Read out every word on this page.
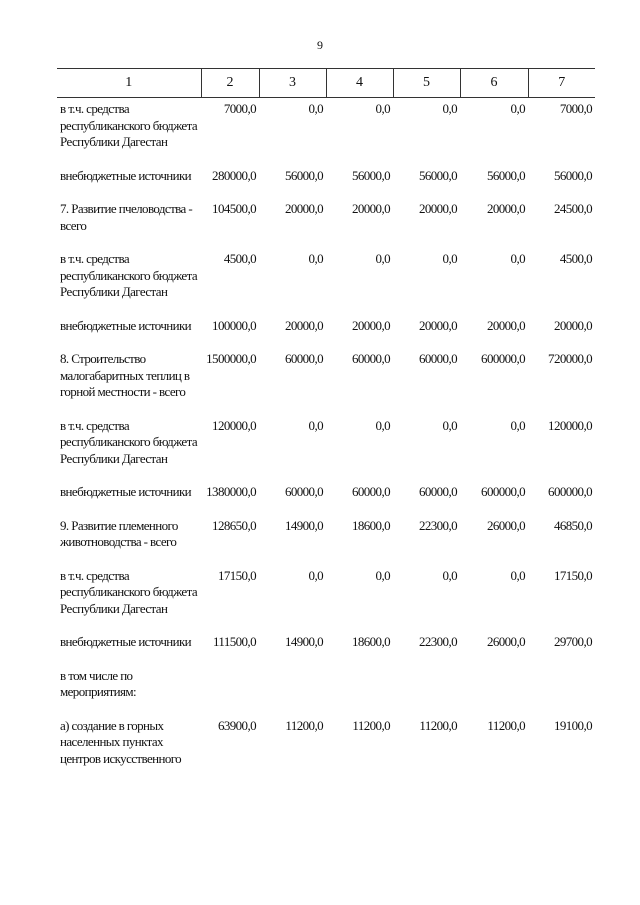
9
1	2	3	4	5	6	7
в т.ч. средства республиканского бюджета Республики Дагестан	7000,0	0,0	0,0	0,0	0,0	7000,0
внебюджетные источники	280000,0	56000,0	56000,0	56000,0	56000,0	56000,0
7. Развитие пчеловодства - всего	104500,0	20000,0	20000,0	20000,0	20000,0	24500,0
в т.ч. средства республиканского бюджета Республики Дагестан	4500,0	0,0	0,0	0,0	0,0	4500,0
внебюджетные источники	100000,0	20000,0	20000,0	20000,0	20000,0	20000,0
8. Строительство малогабаритных теплиц в горной местности - всего	1500000,0	60000,0	60000,0	60000,0	600000,0	720000,0
в т.ч. средства республиканского бюджета Республики Дагестан	120000,0	0,0	0,0	0,0	0,0	120000,0
внебюджетные источники	1380000,0	60000,0	60000,0	60000,0	600000,0	600000,0
9. Развитие племенного животноводства - всего	128650,0	14900,0	18600,0	22300,0	26000,0	46850,0
в т.ч. средства республиканского бюджета Республики Дагестан	17150,0	0,0	0,0	0,0	0,0	17150,0
внебюджетные источники	111500,0	14900,0	18600,0	22300,0	26000,0	29700,0
в том числе по мероприятиям:						
а) создание в горных населенных пунктах центров искусственного	63900,0	11200,0	11200,0	11200,0	11200,0	19100,0
